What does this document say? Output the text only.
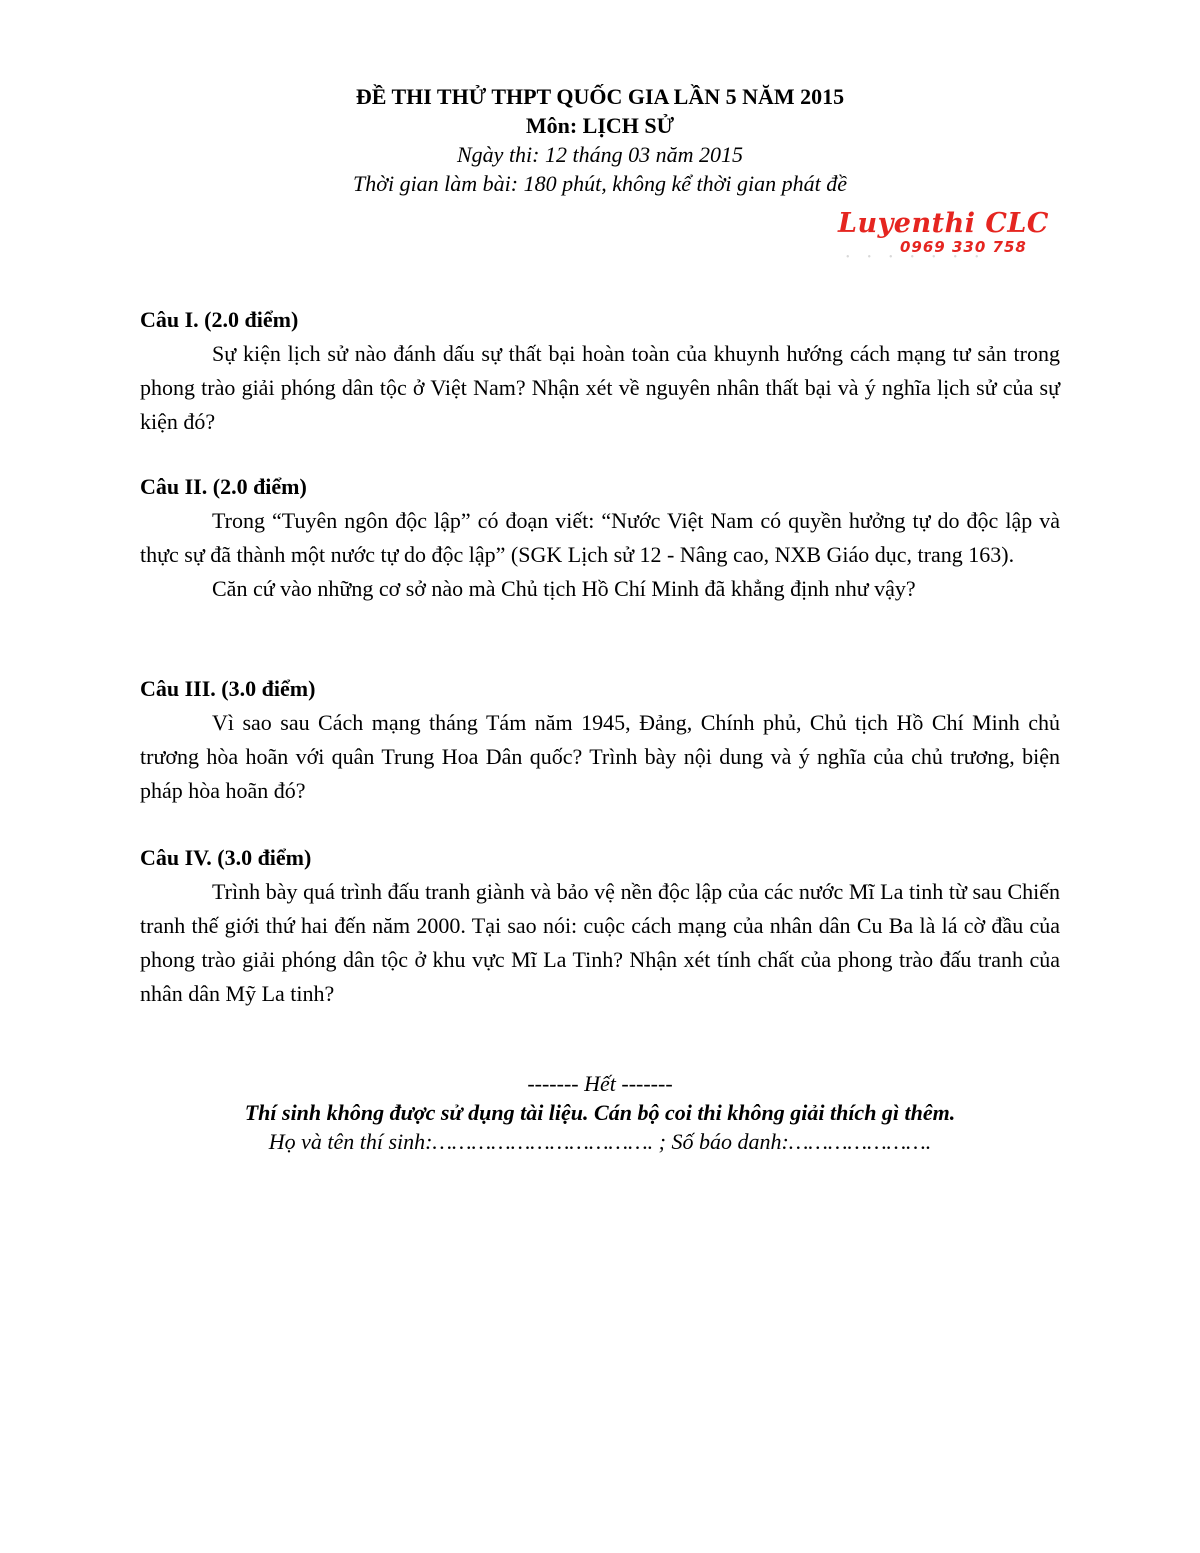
ĐỀ THI THỬ THPT QUỐC GIA LẦN 5 NĂM 2015
Môn: LỊCH SỬ
Ngày thi: 12 tháng 03 năm 2015
Thời gian làm bài: 180 phút, không kể thời gian phát đề
Luyenthi CLC
0969 330 758
•••••••
Câu I. (2.0 điểm)

Sự kiện lịch sử nào đánh dấu sự thất bại hoàn toàn của khuynh hướng cách mạng tư sản trong phong trào giải phóng dân tộc ở Việt Nam? Nhận xét về nguyên nhân thất bại và ý nghĩa lịch sử của sự kiện đó?

Câu II. (2.0 điểm)

Trong “Tuyên ngôn độc lập” có đoạn viết: “Nước Việt Nam có quyền hưởng tự do độc lập và thực sự đã thành một nước tự do độc lập” (SGK Lịch sử 12 - Nâng cao, NXB Giáo dục, trang 163).

Căn cứ vào những cơ sở nào mà Chủ tịch Hồ Chí Minh đã khẳng định như vậy?

Câu III. (3.0 điểm)

Vì sao sau Cách mạng tháng Tám năm 1945, Đảng, Chính phủ, Chủ tịch Hồ Chí Minh chủ trương hòa hoãn với quân Trung Hoa Dân quốc? Trình bày nội dung và ý nghĩa của chủ trương, biện pháp hòa hoãn đó?

Câu IV. (3.0 điểm)

Trình bày quá trình đấu tranh giành và bảo vệ nền độc lập của các nước Mĩ La tinh từ sau Chiến tranh thế giới thứ hai đến năm 2000. Tại sao nói: cuộc cách mạng của nhân dân Cu Ba là lá cờ đầu của phong trào giải phóng dân tộc ở khu vực Mĩ La Tinh? Nhận xét tính chất của phong trào đấu tranh của nhân dân Mỹ La tinh?

------- Hết -------
Thí sinh không được sử dụng tài liệu. Cán bộ coi thi không giải thích gì thêm.
Họ và tên thí sinh:……………………………. ; Số báo danh:………………….
